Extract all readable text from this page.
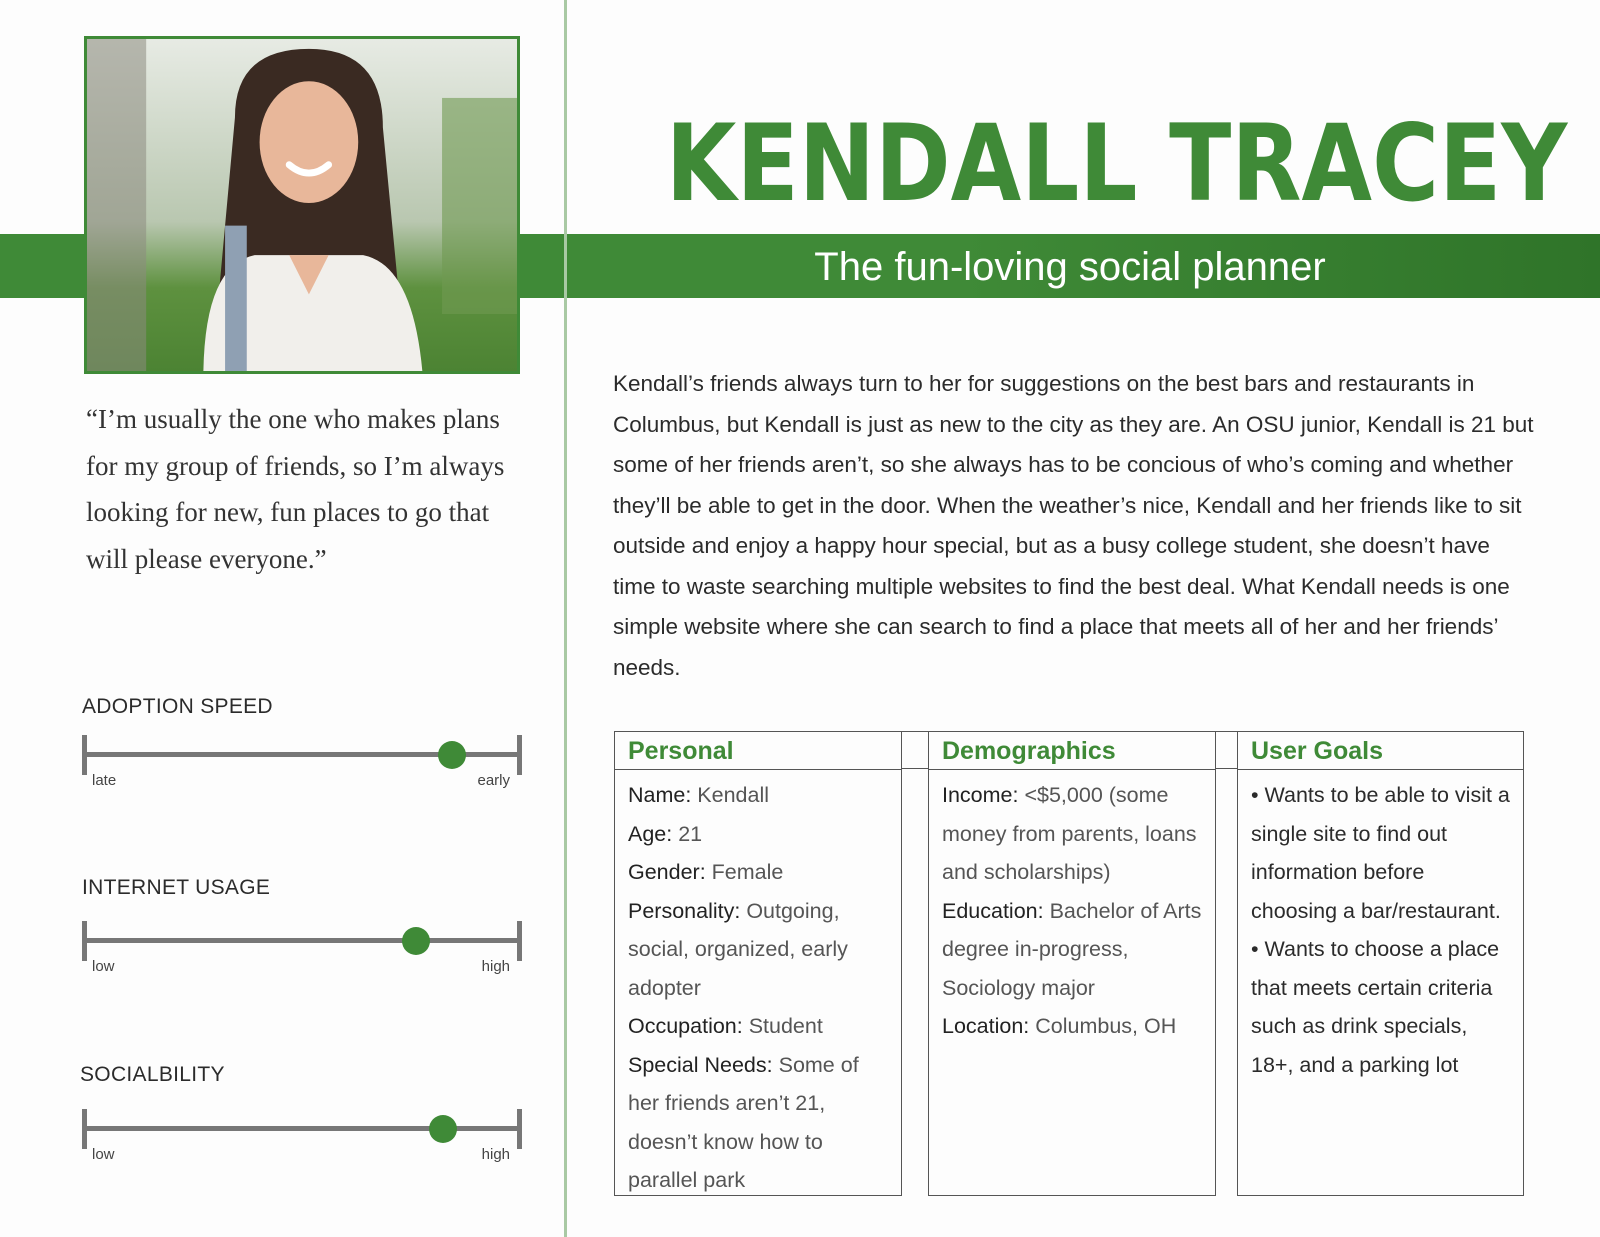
KENDALL TRACEY
The fun-loving social planner
“I’m usually the one who makes plans for my group of friends, so I’m always looking for new, fun places to go that will please everyone.”
Kendall’s friends always turn to her for suggestions on the best bars and restaurants in Columbus, but Kendall is just as new to the city as they are. An OSU junior, Kendall is 21 but some of her friends aren’t, so she always has to be concious of who’s coming and whether they’ll be able to get in the door. When the weather’s nice, Kendall and her friends like to sit outside and enjoy a happy hour special, but as a busy college student, she doesn’t have time to waste searching multiple websites to find the best deal. What Kendall needs is one simple website where she can search to find a place that meets all of her and her friends’ needs.
ADOPTION SPEED
late	early
INTERNET USAGE
low	high
SOCIALBILITY
low	high
Personal
Name: Kendall
Age: 21
Gender: Female
Personality: Outgoing, social, organized, early adopter
Occupation: Student
Special Needs: Some of her friends aren’t 21, doesn’t know how to parallel park
Demographics
Income: <$5,000 (some money from parents, loans and scholarships)
Education: Bachelor of Arts degree in-progress, Sociology major
Location: Columbus, OH
User Goals
• Wants to be able to visit a single site to find out information before choosing a bar/restaurant.
• Wants to choose a place that meets certain criteria such as drink specials, 18+, and a parking lot
